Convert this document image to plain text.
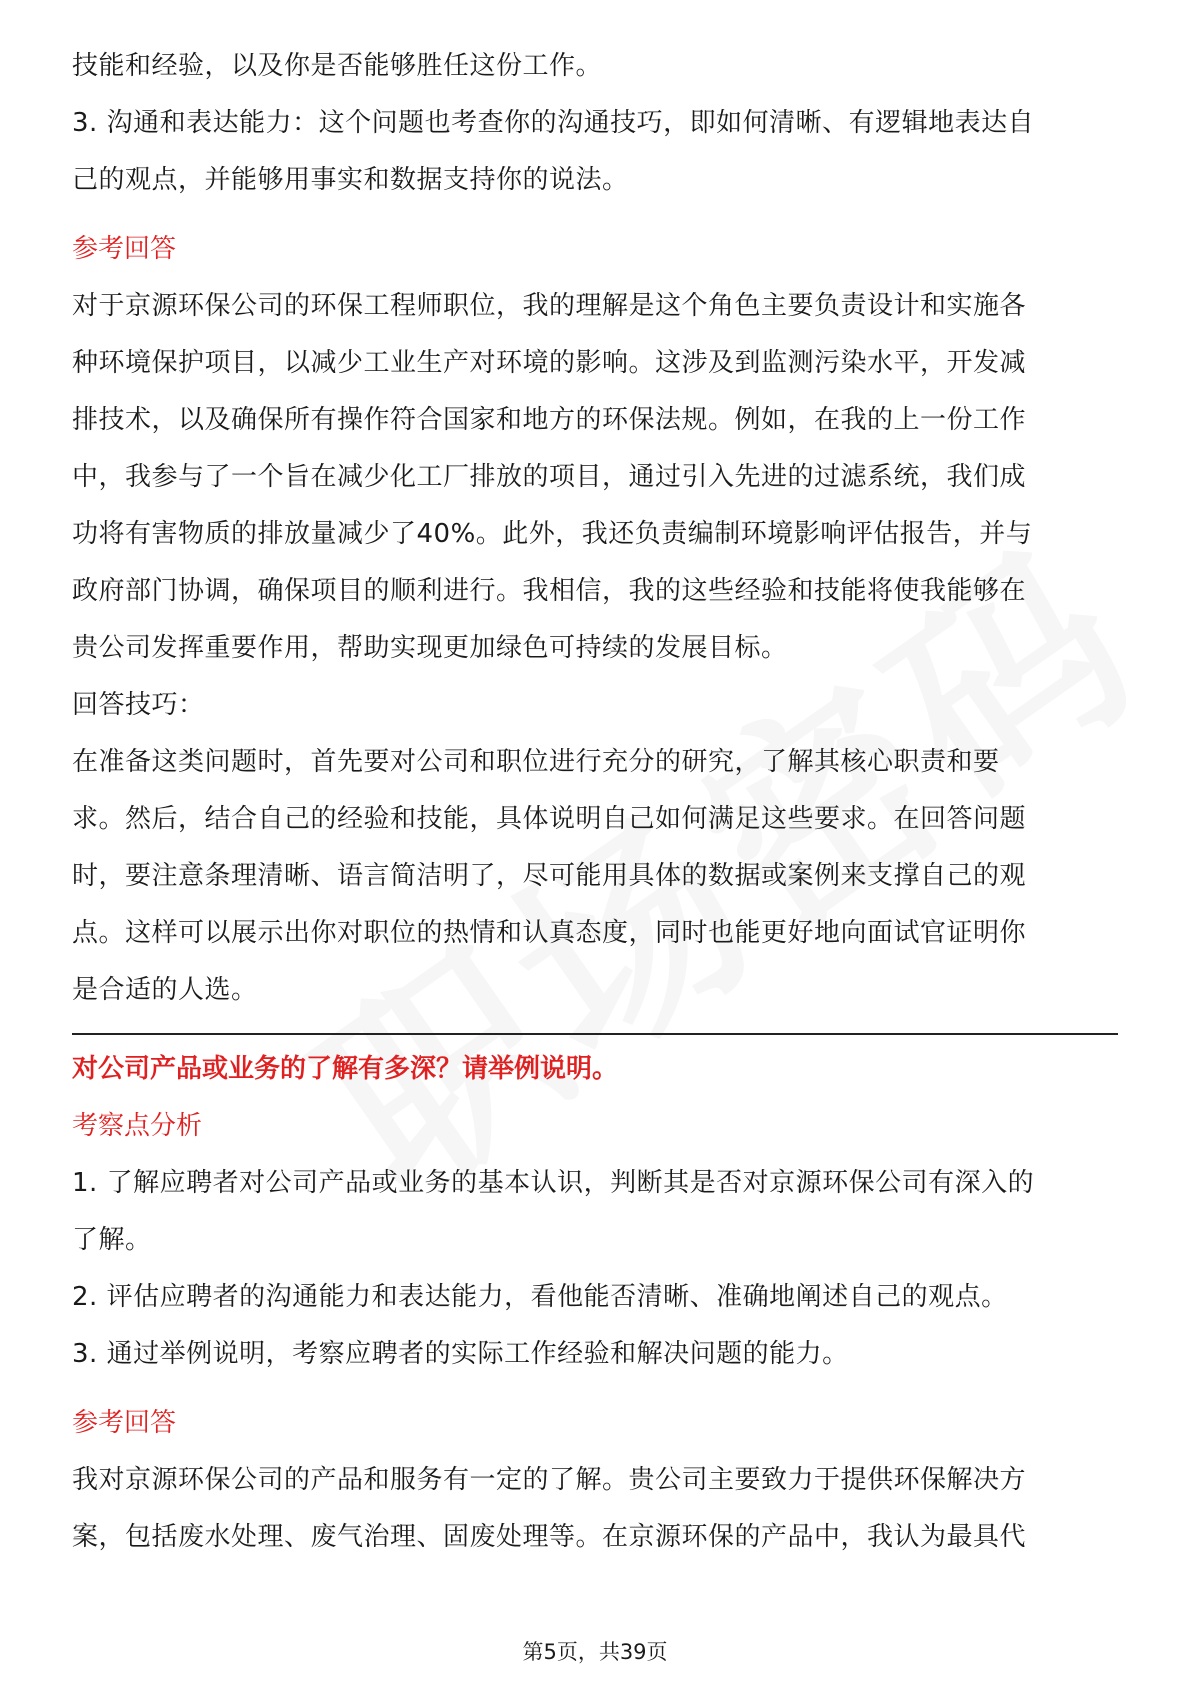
技能和经验，以及你是否能够胜任这份工作。
3. 沟通和表达能力：这个问题也考查你的沟通技巧，即如何清晰、有逻辑地表达自
己的观点，并能够用事实和数据支持你的说法。
参考回答
对于京源环保公司的环保工程师职位，我的理解是这个角色主要负责设计和实施各
种环境保护项目，以减少工业生产对环境的影响。这涉及到监测污染水平，开发减
排技术，以及确保所有操作符合国家和地方的环保法规。例如，在我的上一份工作
中，我参与了一个旨在减少化工厂排放的项目，通过引入先进的过滤系统，我们成
功将有害物质的排放量减少了40%。此外，我还负责编制环境影响评估报告，并与
政府部门协调，确保项目的顺利进行。我相信，我的这些经验和技能将使我能够在
贵公司发挥重要作用，帮助实现更加绿色可持续的发展目标。
回答技巧：
在准备这类问题时，首先要对公司和职位进行充分的研究，了解其核心职责和要
求。然后，结合自己的经验和技能，具体说明自己如何满足这些要求。在回答问题
时，要注意条理清晰、语言简洁明了，尽可能用具体的数据或案例来支撑自己的观
点。这样可以展示出你对职位的热情和认真态度，同时也能更好地向面试官证明你
是合适的人选。
对公司产品或业务的了解有多深？请举例说明。
考察点分析
1. 了解应聘者对公司产品或业务的基本认识，判断其是否对京源环保公司有深入的
了解。
2. 评估应聘者的沟通能力和表达能力，看他能否清晰、准确地阐述自己的观点。
3. 通过举例说明，考察应聘者的实际工作经验和解决问题的能力。
参考回答
我对京源环保公司的产品和服务有一定的了解。贵公司主要致力于提供环保解决方
案，包括废水处理、废气治理、固废处理等。在京源环保的产品中，我认为最具代
第5页，共39页
